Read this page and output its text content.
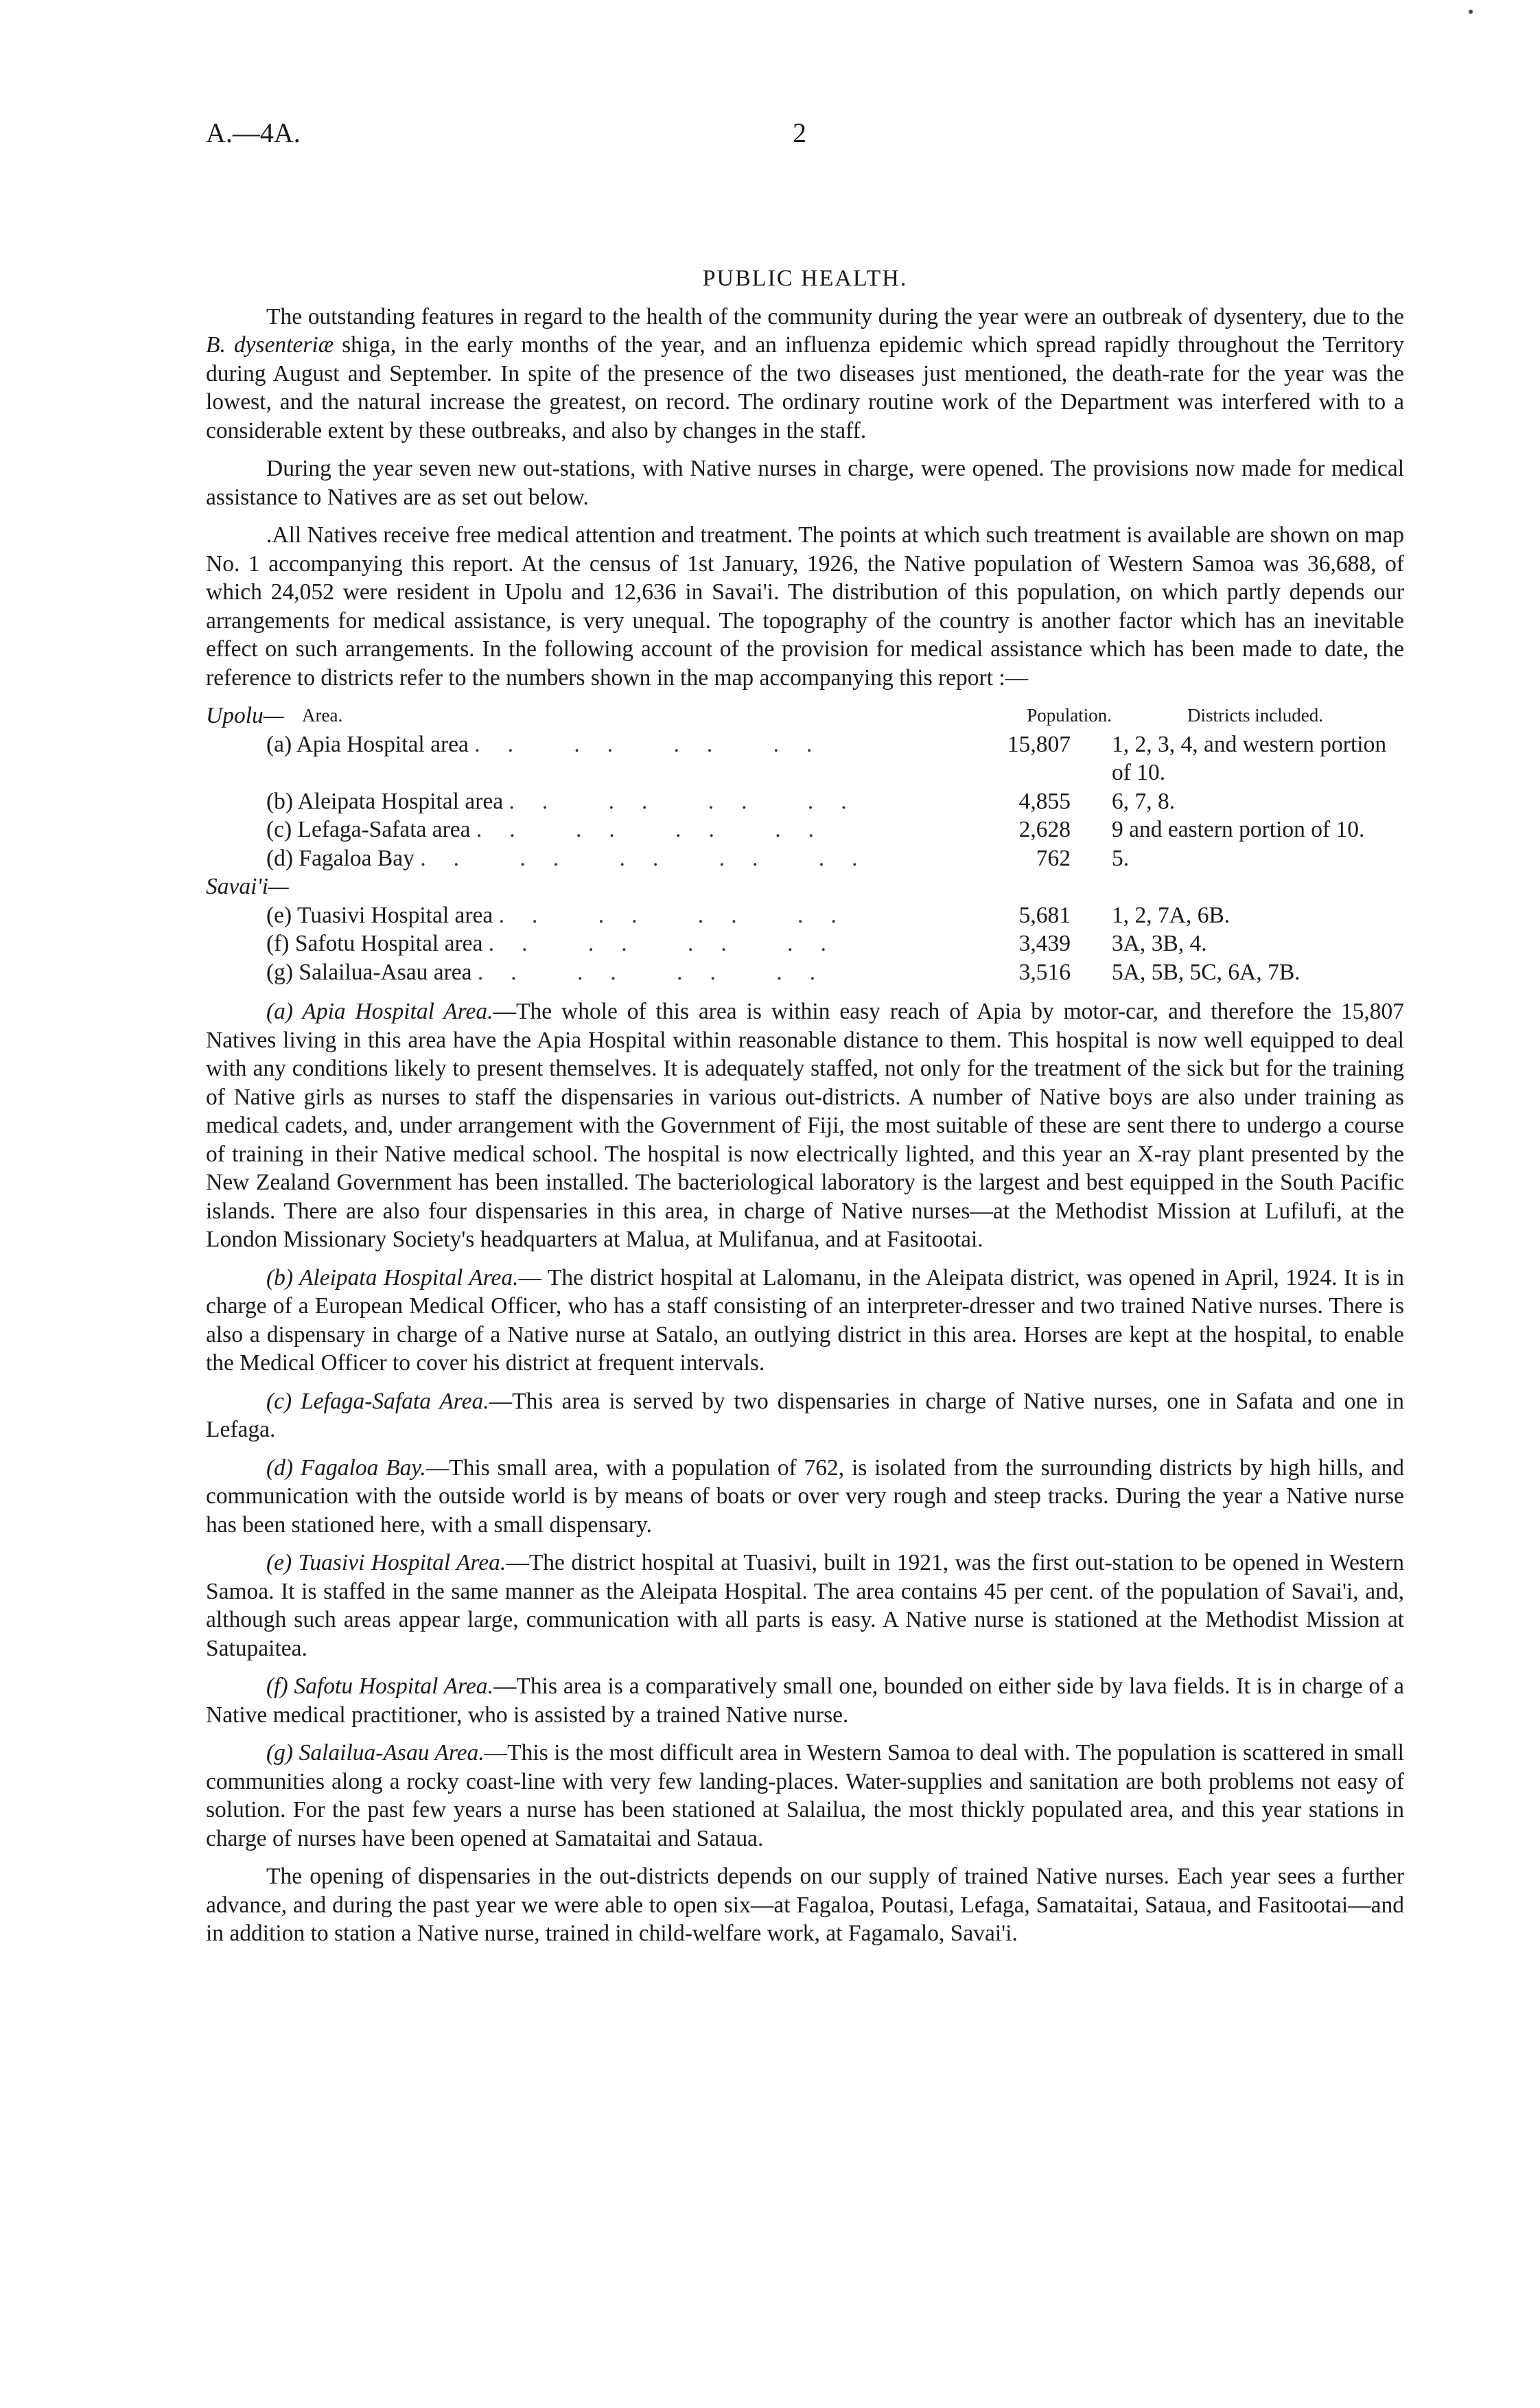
A.—4A.	2
PUBLIC HEALTH.

The outstanding features in regard to the health of the community during the year were an outbreak of dysentery, due to the B. dysenteriæ shiga, in the early months of the year, and an influenza epidemic which spread rapidly throughout the Territory during August and September. In spite of the presence of the two diseases just mentioned, the death-rate for the year was the lowest, and the natural increase the greatest, on record. The ordinary routine work of the Department was interfered with to a considerable extent by these outbreaks, and also by changes in the staff.

During the year seven new out-stations, with Native nurses in charge, were opened. The provisions now made for medical assistance to Natives are as set out below.

.All Natives receive free medical attention and treatment. The points at which such treatment is available are shown on map No. 1 accompanying this report. At the census of 1st January, 1926, the Native population of Western Samoa was 36,688, of which 24,052 were resident in Upolu and 12,636 in Savai'i. The distribution of this population, on which partly depends our arrangements for medical assistance, is very unequal. The topography of the country is another factor which has an inevitable effect on such arrangements. In the following account of the provision for medical assistance which has been made to date, the reference to districts refer to the numbers shown in the map accompanying this report :—

Upolu— Area.	Population.	Districts included.
(a) Apia Hospital area .. .. .. ..	15,807	1, 2, 3, 4, and western portion of 10.
(b) Aleipata Hospital area .. .. .. ..	4,855	6, 7, 8.
(c) Lefaga-Safata area .. .. .. ..	2,628	9 and eastern portion of 10.
(d) Fagaloa Bay .. .. .. .. ..	762	5.
Savai'i—
(e) Tuasivi Hospital area .. .. .. ..	5,681	1, 2, 7A, 6B.
(f) Safotu Hospital area .. .. .. ..	3,439	3A, 3B, 4.
(g) Salailua-Asau area .. .. .. ..	3,516	5A, 5B, 5C, 6A, 7B.

(a) Apia Hospital Area.—The whole of this area is within easy reach of Apia by motor-car, and therefore the 15,807 Natives living in this area have the Apia Hospital within reasonable distance to them. This hospital is now well equipped to deal with any conditions likely to present themselves. It is adequately staffed, not only for the treatment of the sick but for the training of Native girls as nurses to staff the dispensaries in various out-districts. A number of Native boys are also under training as medical cadets, and, under arrangement with the Government of Fiji, the most suitable of these are sent there to undergo a course of training in their Native medical school. The hospital is now electrically lighted, and this year an X-ray plant presented by the New Zealand Government has been installed. The bacteriological laboratory is the largest and best equipped in the South Pacific islands. There are also four dispensaries in this area, in charge of Native nurses—at the Methodist Mission at Lufilufi, at the London Missionary Society's headquarters at Malua, at Mulifanua, and at Fasitootai.

(b) Aleipata Hospital Area.— The district hospital at Lalomanu, in the Aleipata district, was opened in April, 1924. It is in charge of a European Medical Officer, who has a staff consisting of an interpreter-dresser and two trained Native nurses. There is also a dispensary in charge of a Native nurse at Satalo, an outlying district in this area. Horses are kept at the hospital, to enable the Medical Officer to cover his district at frequent intervals.

(c) Lefaga-Safata Area.—This area is served by two dispensaries in charge of Native nurses, one in Safata and one in Lefaga.

(d) Fagaloa Bay.—This small area, with a population of 762, is isolated from the surrounding districts by high hills, and communication with the outside world is by means of boats or over very rough and steep tracks. During the year a Native nurse has been stationed here, with a small dispensary.

(e) Tuasivi Hospital Area.—The district hospital at Tuasivi, built in 1921, was the first out-station to be opened in Western Samoa. It is staffed in the same manner as the Aleipata Hospital. The area contains 45 per cent. of the population of Savai'i, and, although such areas appear large, communication with all parts is easy. A Native nurse is stationed at the Methodist Mission at Satupaitea.

(f) Safotu Hospital Area.—This area is a comparatively small one, bounded on either side by lava fields. It is in charge of a Native medical practitioner, who is assisted by a trained Native nurse.

(g) Salailua-Asau Area.—This is the most difficult area in Western Samoa to deal with. The population is scattered in small communities along a rocky coast-line with very few landing-places. Water-supplies and sanitation are both problems not easy of solution. For the past few years a nurse has been stationed at Salailua, the most thickly populated area, and this year stations in charge of nurses have been opened at Samataitai and Sataua.

The opening of dispensaries in the out-districts depends on our supply of trained Native nurses. Each year sees a further advance, and during the past year we were able to open six—at Fagaloa, Poutasi, Lefaga, Samataitai, Sataua, and Fasitootai—and in addition to station a Native nurse, trained in child-welfare work, at Fagamalo, Savai'i.
